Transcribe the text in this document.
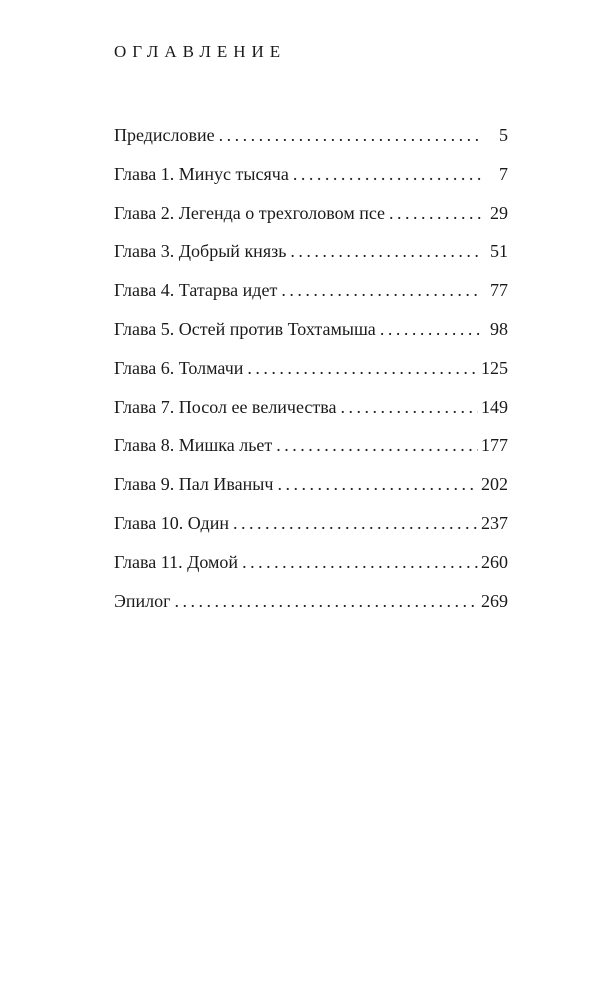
ОГЛАВЛЕНИЕ
Предисловие . . .	5
Глава 1. Минус тысяча . . .	7
Глава 2. Легенда о трехголовом псе . . .	29
Глава 3. Добрый князь . . .	51
Глава 4. Татарва идет . . .	77
Глава 5. Остей против Тохтамыша . . .	98
Глава 6. Толмачи . . .	125
Глава 7. Посол ее величества . . .	149
Глава 8. Мишка льет . . .	177
Глава 9. Пал Иваныч . . .	202
Глава 10. Один . . .	237
Глава 11. Домой . . .	260
Эпилог . . .	269
